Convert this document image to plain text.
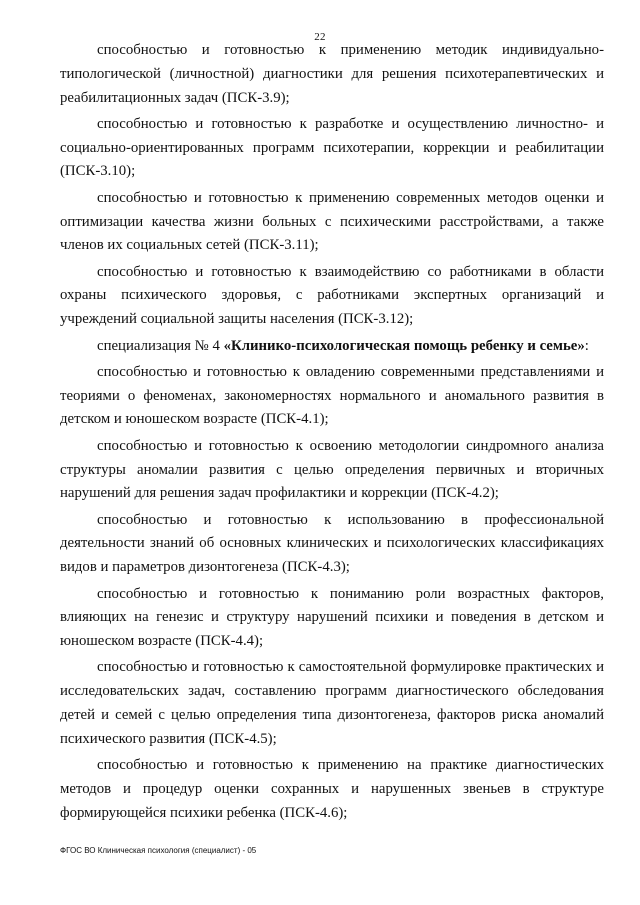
22

способностью и готовностью к применению методик индивидуально-типологической (личностной) диагностики для решения психотерапевтических и реабилитационных задач (ПСК-3.9);

способностью и готовностью к разработке и осуществлению личностно- и социально-ориентированных программ психотерапии, коррекции и реабилитации (ПСК-3.10);

способностью и готовностью к применению современных методов оценки и оптимизации качества жизни больных с психическими расстройствами, а также членов их социальных сетей (ПСК-3.11);

способностью и готовностью к взаимодействию со работниками в области охраны психического здоровья, с работниками экспертных организаций и учреждений социальной защиты населения (ПСК-3.12);

специализация № 4 «Клинико-психологическая помощь ребенку и семье»:

способностью и готовностью к овладению современными представлениями и теориями о феноменах, закономерностях нормального и аномального развития в детском и юношеском возрасте (ПСК-4.1);

способностью и готовностью к освоению методологии синдромного анализа структуры аномалии развития с целью определения первичных и вторичных нарушений для решения задач профилактики и коррекции (ПСК-4.2);

способностью и готовностью к использованию в профессиональной деятельности знаний об основных клинических и психологических классификациях видов и параметров дизонтогенеза (ПСК-4.3);

способностью и готовностью к пониманию роли возрастных факторов, влияющих на генезис и структуру нарушений психики и поведения в детском и юношеском возрасте (ПСК-4.4);

способностью и готовностью к самостоятельной формулировке практических и исследовательских задач, составлению программ диагностического обследования детей и семей с целью определения типа дизонтогенеза, факторов риска аномалий психического развития (ПСК-4.5);

способностью и готовностью к применению на практике диагностических методов и процедур оценки сохранных и нарушенных звеньев в структуре формирующейся психики ребенка (ПСК-4.6);

ФГОС ВО Клиническая психология (специалист) - 05
